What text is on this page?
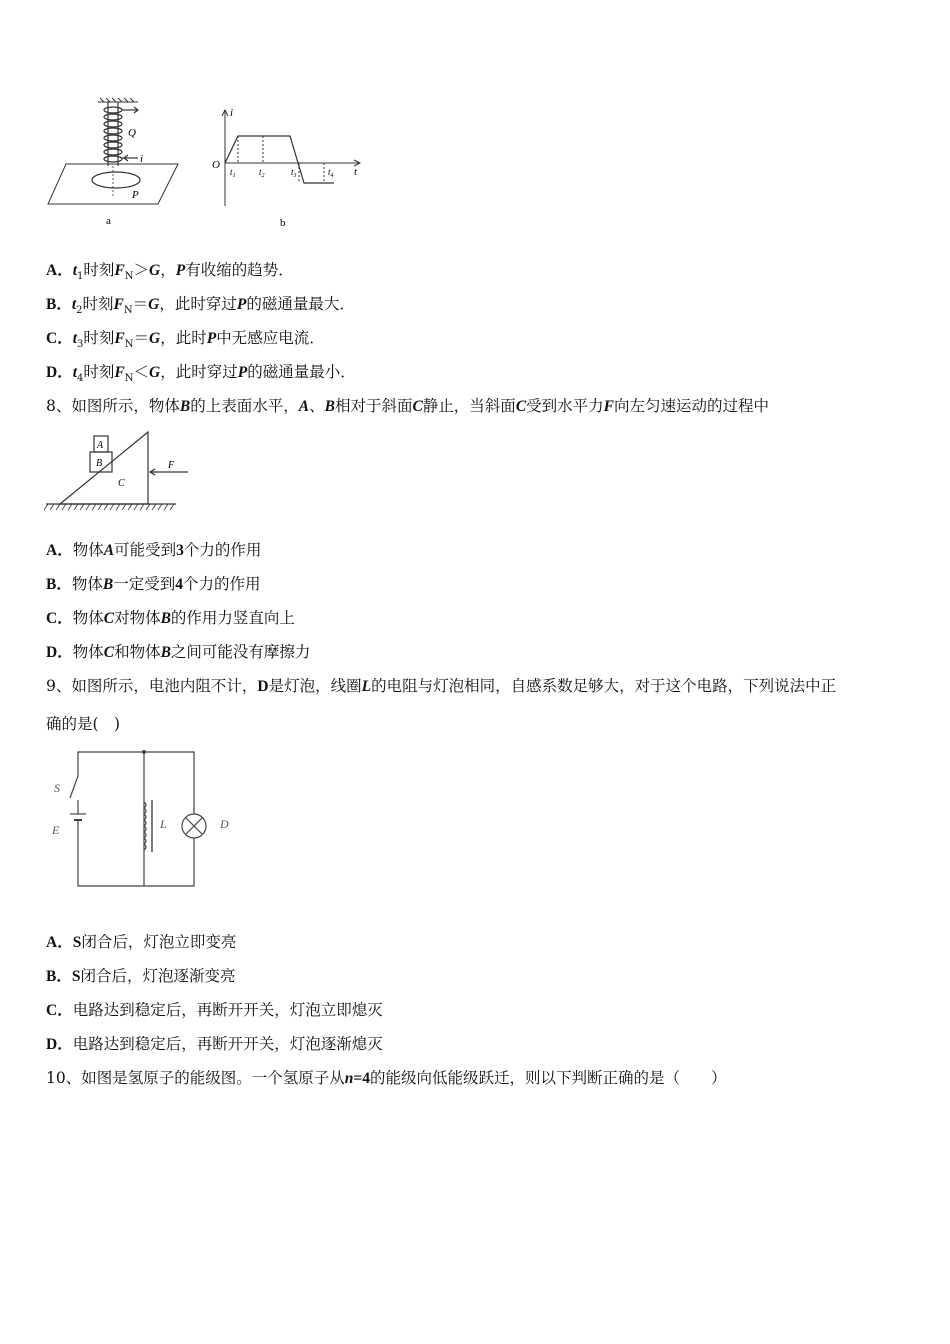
Q
i
P
a
i
t
O
$t_1$	$t_2$	$t_3$	$t_4$
b
A．$t_1$时刻$F_N>G$，P有收缩的趋势．
B．$t_2$时刻$F_N=G$，此时穿过P的磁通量最大．
C．$t_3$时刻$F_N=G$，此时P中无感应电流．
D．$t_4$时刻$F_N<G$，此时穿过P的磁通量最小．
8、如图所示，物体B的上表面水平，A、B相对于斜面C静止，当斜面C受到水平力F向左匀速运动的过程中
A
B
C
F
A．物体A可能受到3个力的作用
B．物体B一定受到4个力的作用
C．物体C对物体B的作用力竖直向上
D．物体C和物体B之间可能没有摩擦力
9、如图所示，电池内阻不计，D是灯泡，线圈L的电阻与灯泡相同，自感系数足够大，对于这个电路，下列说法中正
确的是(　)
S
E	L	D
A．S闭合后，灯泡立即变亮
B．S闭合后，灯泡逐渐变亮
C．电路达到稳定后，再断开开关，灯泡立即熄灭
D．电路达到稳定后，再断开开关，灯泡逐渐熄灭
10、如图是氢原子的能级图。一个氢原子从n=4的能级向低能级跃迁，则以下判断正确的是（　　）
